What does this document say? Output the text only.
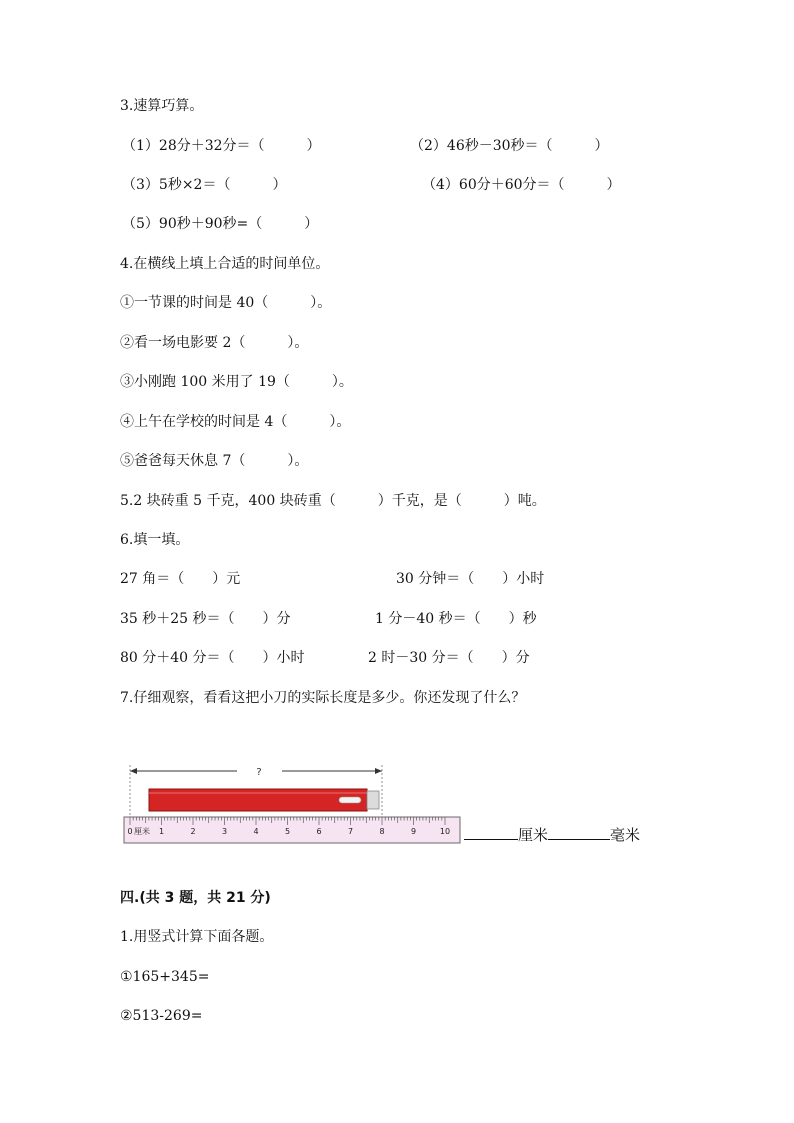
3.速算巧算。

（1）28分＋32分＝（　　　）	（2）46秒－30秒＝（　　　）

（3）5秒×2＝（　　　）	（4）60分＋60分＝（　　　）

（5）90秒＋90秒=（　　　）

4.在横线上填上合适的时间单位。

①一节课的时间是 40（　　　）。

②看一场电影要 2（　　　）。

③小刚跑 100 米用了 19（　　　）。

④上午在学校的时间是 4（　　　）。

⑤爸爸每天休息 7（　　　）。

5.2 块砖重 5 千克，400 块砖重（　　　）千克，是（　　　）吨。

6.填一填。

27 角＝（　　）元	30 分钟＝（　　）小时

35 秒＋25 秒＝（　　）分	1 分－40 秒＝（　　）秒

80 分＋40 分＝（　　）小时	2 时－30 分＝（　　）分

7.仔细观察，看看这把小刀的实际长度是多少。你还发现了什么？

?
0	1	2	3	4	5	6	7	8	9	10
厘米	厘米	毫米

四.(共 3 题，共 21 分)

1.用竖式计算下面各题。

①165+345=

②513-269=
